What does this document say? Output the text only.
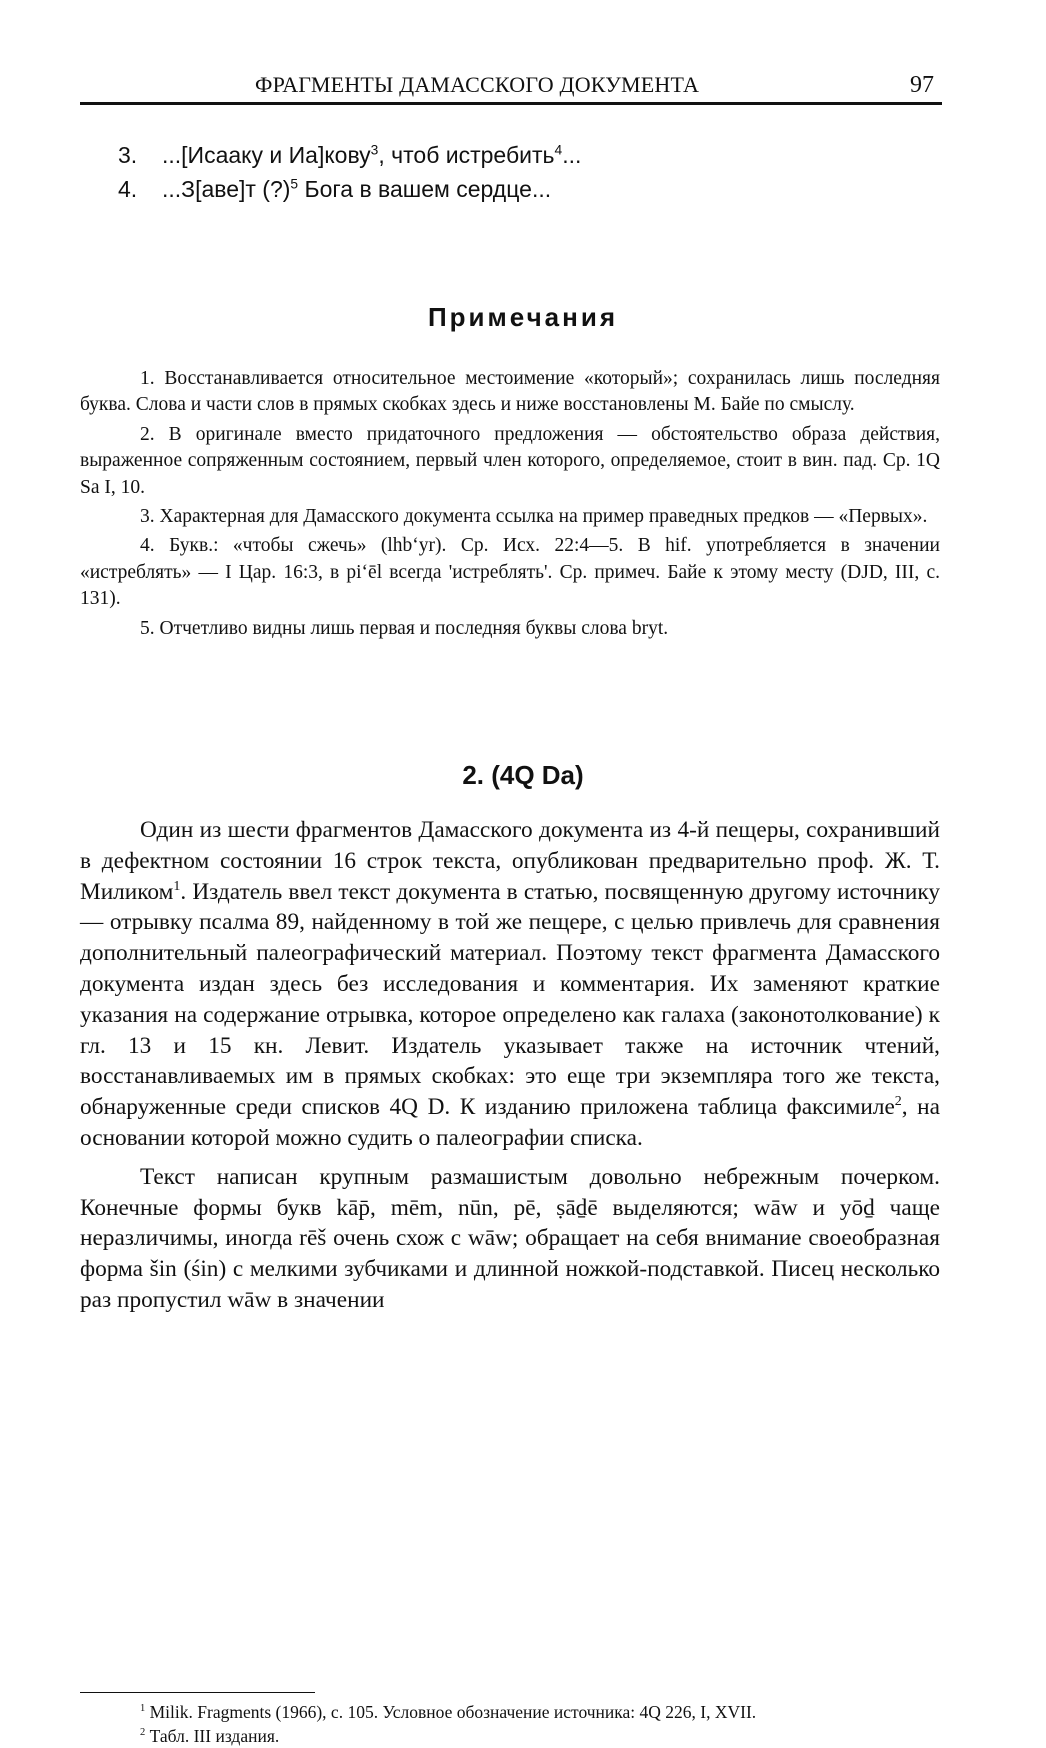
ФРАГМЕНТЫ ДАМАССКОГО ДОКУМЕНТА	97
3. ...[Исааку и Иа]кову$^3$, чтоб истребить$^4$...
4. ...З[аве]т (?)$^5$ Бога в вашем сердце...
Примечания

1. Восстанавливается относительное местоимение «который»; сохранилась лишь последняя буква. Слова и части слов в прямых скобках здесь и ниже восстановлены М. Байе по смыслу.

2. В оригинале вместо придаточного предложения — обстоятельство образа действия, выраженное сопряженным состоянием, первый член которого, определяемое, стоит в вин. пад. Ср. 1Q Sa I, 10.

3. Характерная для Дамасского документа ссылка на пример праведных предков — «Первых».

4. Букв.: «чтобы сжечь» (lhb‘yr). Ср. Исх. 22:4—5. В hif. употребляется в значении «истреблять» — I Цар. 16:3, в pi‘ēl всегда 'истреблять'. Ср. примеч. Байе к этому месту (DJD, III, с. 131).

5. Отчетливо видны лишь первая и последняя буквы слова bryt.

2. (4Q Da)

Один из шести фрагментов Дамасского документа из 4-й пещеры, сохранивший в дефектном состоянии 16 строк текста, опубликован предварительно проф. Ж. Т. Миликом$^1$. Издатель ввел текст документа в статью, посвященную другому источнику — отрывку псалма 89, найденному в той же пещере, с целью привлечь для сравнения дополнительный палеографический материал. Поэтому текст фрагмента Дамасского документа издан здесь без исследования и комментария. Их заменяют краткие указания на содержание отрывка, которое определено как галаха (законотолкование) к гл. 13 и 15 кн. Левит. Издатель указывает также на источник чтений, восстанавливаемых им в прямых скобках: это еще три экземпляра того же текста, обнаруженные среди списков 4Q D. К изданию приложена таблица факсимиле$^2$, на основании которой можно судить о палеографии списка.

Текст написан крупным размашистым довольно небрежным почерком. Конечные формы букв kāp̄, mēm, nūn, pē, ṣāḏē выделяются; wāw и yōḏ чаще неразличимы, иногда rēš очень схож с wāw; обращает на себя внимание своеобразная форма šin (śin) с мелкими зубчиками и длинной ножкой-подставкой. Писец несколько раз пропустил wāw в значении

$^1$ Milik. Fragments (1966), с. 105. Условное обозначение источника: 4Q 226, I, XVII.

$^2$ Табл. III издания.
